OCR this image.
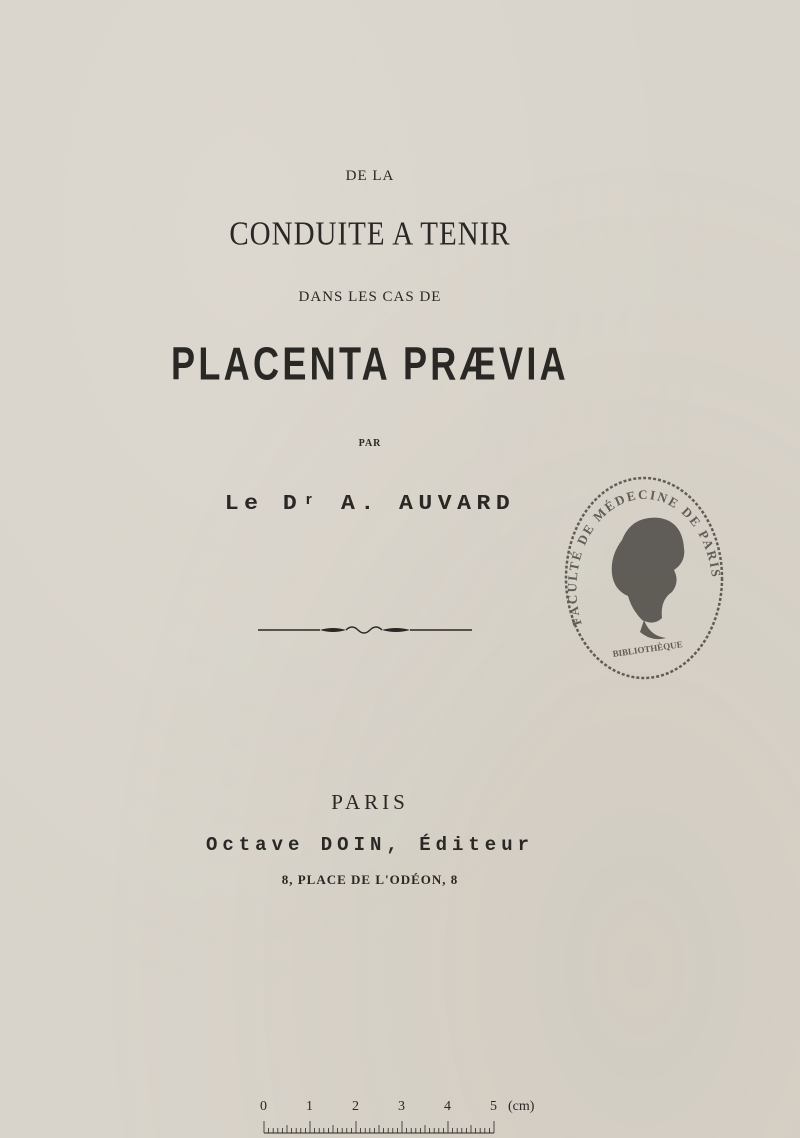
DE LA
CONDUITE A TENIR
DANS LES CAS DE
PLACENTA PRÆVIA
PAR
Le Dʳ A. AUVARD
FACULTÉ DE MÉDECINE DE PARIS
BIBLIOTHÈQUE
PARIS
Octave DOIN, Éditeur
8, PLACE DE L'ODÉON, 8
0	1	2	3	4	5 (cm)
